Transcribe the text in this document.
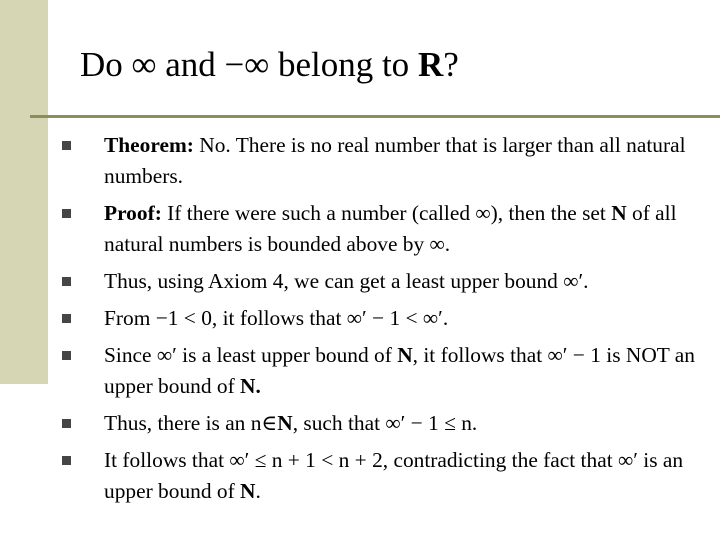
Do ∞ and −∞ belong to R?
Theorem: No. There is no real number that is larger than all natural numbers.
Proof: If there were such a number (called ∞), then the set N of all natural numbers is bounded above by ∞.
Thus, using Axiom 4, we can get a least upper bound ∞′.
From −1 < 0, it follows that ∞′ − 1 < ∞′.
Since ∞′ is a least upper bound of N, it follows that ∞′ − 1 is NOT an upper bound of N.
Thus, there is an n∈N, such that ∞′ − 1 ≤ n.
It follows that ∞′ ≤ n + 1 < n + 2, contradicting the fact that ∞′ is an upper bound of N.
